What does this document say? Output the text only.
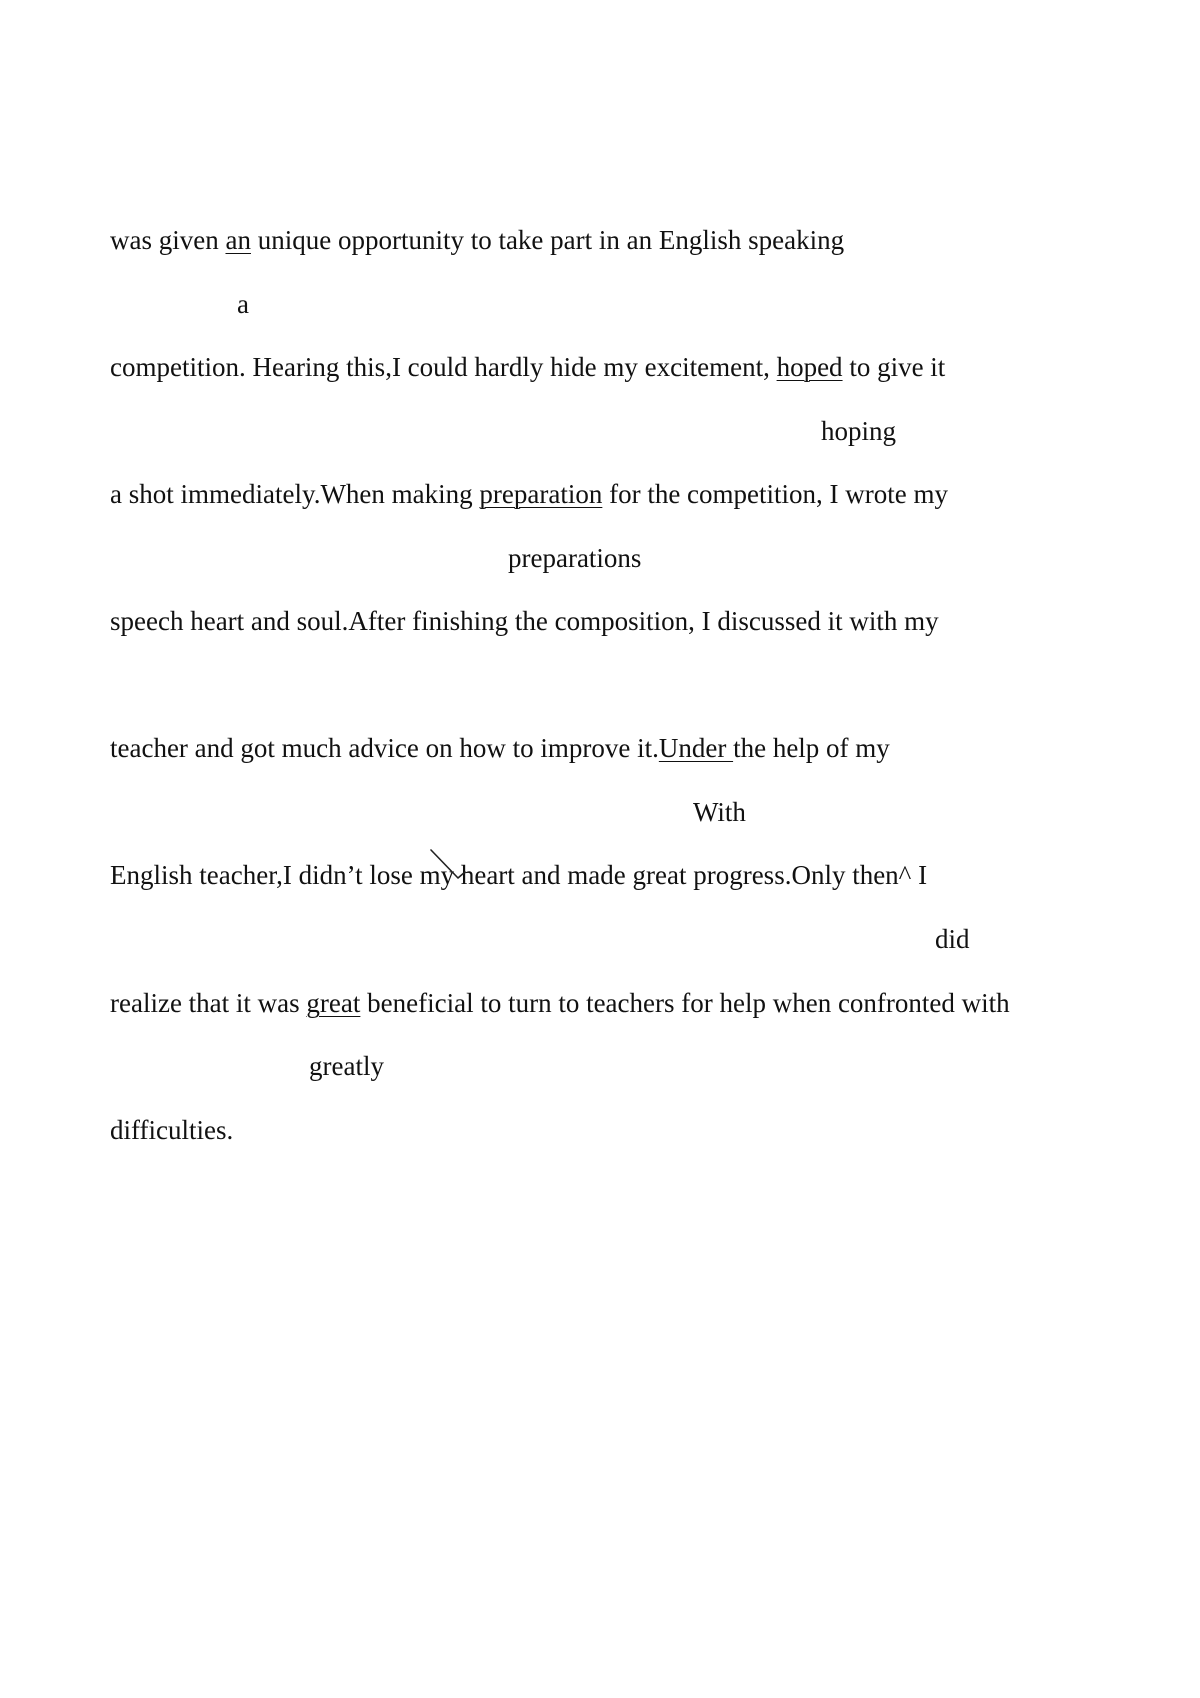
was given an unique opportunity to take part in an English speaking

a

competition. Hearing this,I could hardly hide my excitement, hoped to give it

hoping

a shot immediately.When making preparation for the competition, I wrote my

preparations

speech heart and soul.After finishing the composition, I discussed it with my

teacher and got much advice on how to improve it.Under the help of my

With

English teacher,I didn’t lose my heart and made great progress.Only then^ I

did

realize that it was great beneficial to turn to teachers for help when confronted with

greatly

difficulties.
